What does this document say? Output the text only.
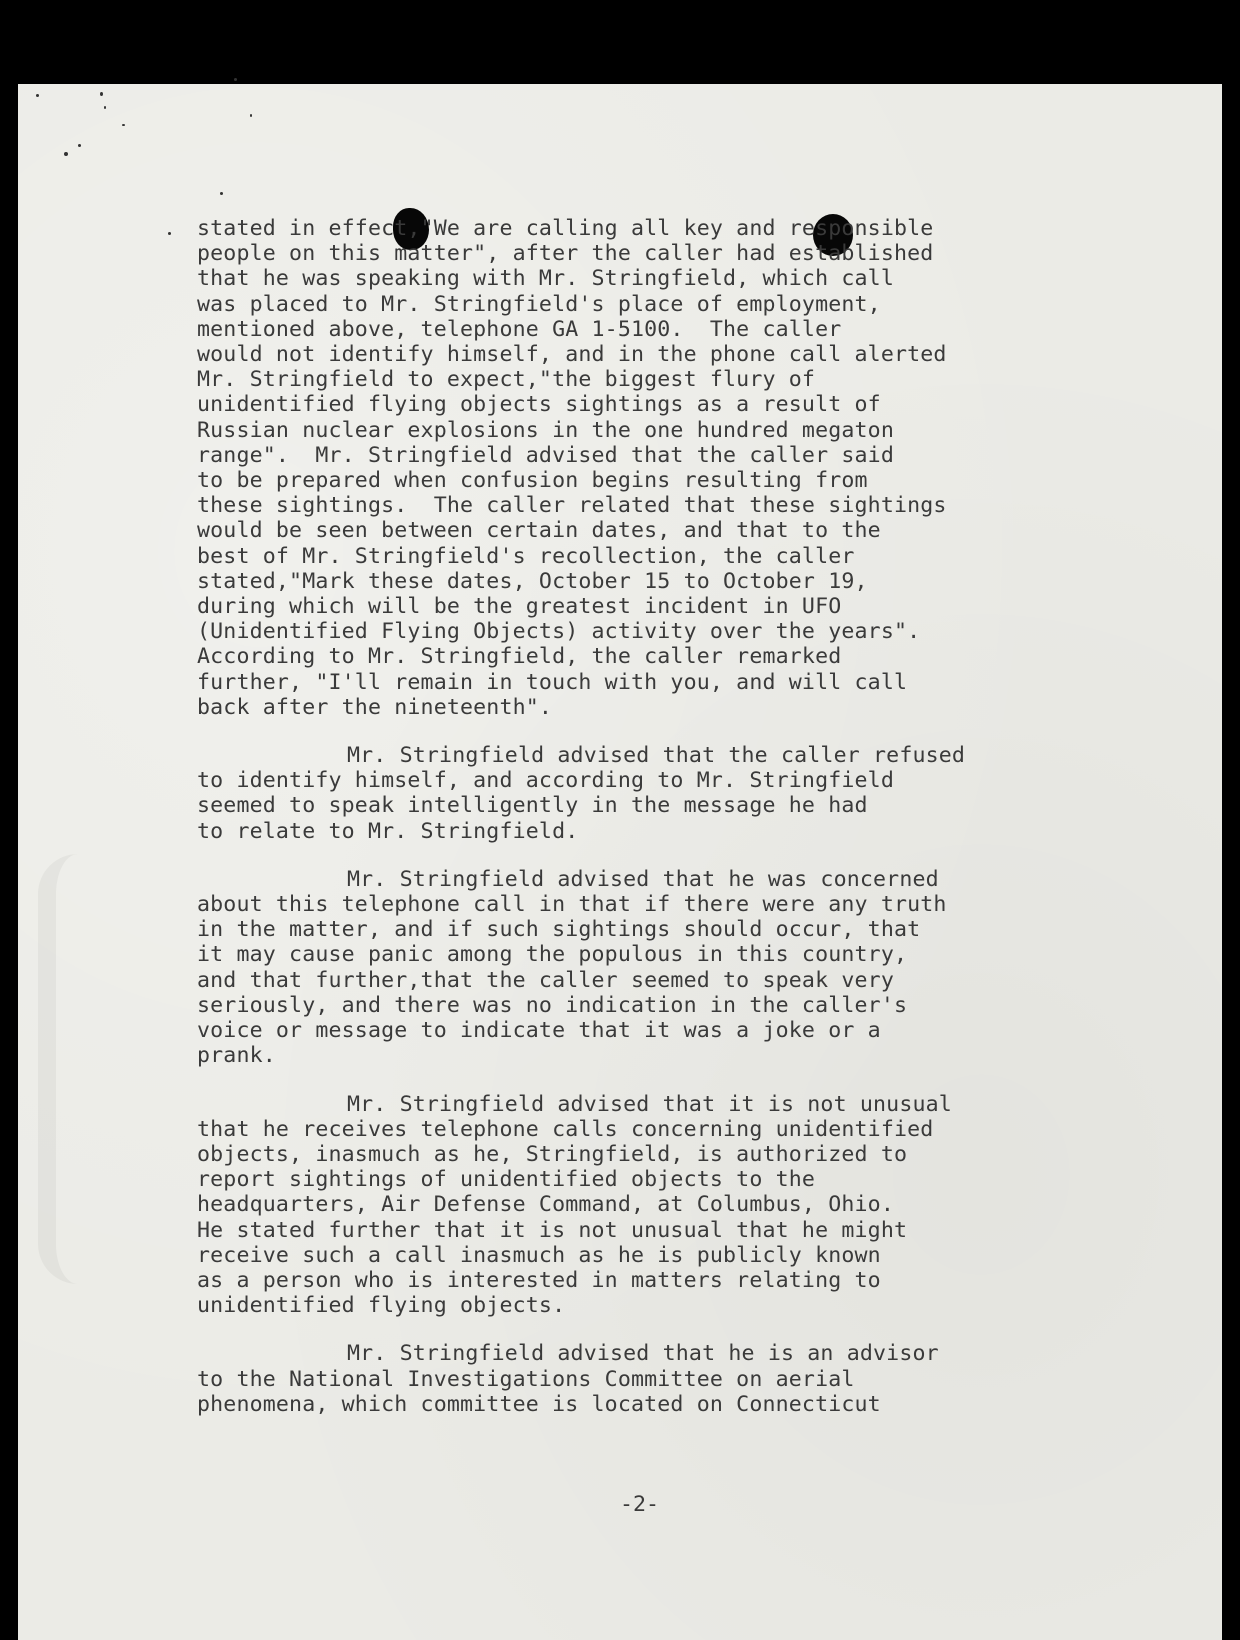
stated in effect,"We are calling all key and responsible
people on this matter", after the caller had established
that he was speaking with Mr. Stringfield, which call
was placed to Mr. Stringfield's place of employment,
mentioned above, telephone GA 1-5100.  The caller
would not identify himself, and in the phone call alerted
Mr. Stringfield to expect,"the biggest flury of
unidentified flying objects sightings as a result of
Russian nuclear explosions in the one hundred megaton
range".  Mr. Stringfield advised that the caller said
to be prepared when confusion begins resulting from
these sightings.  The caller related that these sightings
would be seen between certain dates, and that to the
best of Mr. Stringfield's recollection, the caller
stated,"Mark these dates, October 15 to October 19,
during which will be the greatest incident in UFO
(Unidentified Flying Objects) activity over the years".
According to Mr. Stringfield, the caller remarked
further, "I'll remain in touch with you, and will call
back after the nineteenth".
Mr. Stringfield advised that the caller refused
to identify himself, and according to Mr. Stringfield
seemed to speak intelligently in the message he had
to relate to Mr. Stringfield.
Mr. Stringfield advised that he was concerned
about this telephone call in that if there were any truth
in the matter, and if such sightings should occur, that
it may cause panic among the populous in this country,
and that further,that the caller seemed to speak very
seriously, and there was no indication in the caller's
voice or message to indicate that it was a joke or a
prank.
Mr. Stringfield advised that it is not unusual
that he receives telephone calls concerning unidentified
objects, inasmuch as he, Stringfield, is authorized to
report sightings of unidentified objects to the
headquarters, Air Defense Command, at Columbus, Ohio.
He stated further that it is not unusual that he might
receive such a call inasmuch as he is publicly known
as a person who is interested in matters relating to
unidentified flying objects.
Mr. Stringfield advised that he is an advisor
to the National Investigations Committee on aerial
phenomena, which committee is located on Connecticut
-2-
